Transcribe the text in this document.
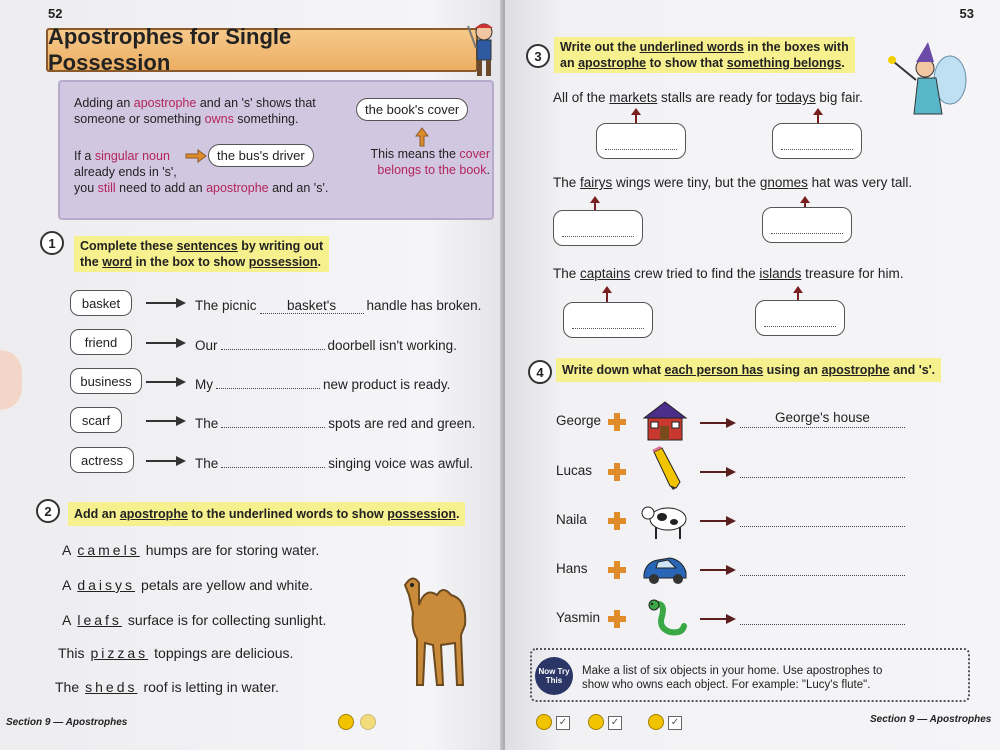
52
Apostrophes for Single Possession
Adding an apostrophe and an 's' shows that
someone or something owns something.
the book's cover
This means the cover
belongs to the book.
If a singular noun
already ends in 's',
you still need to add an apostrophe and an 's'.
the bus's driver
1	Complete these sentences by writing out
the word in the box to show possession.
basket	The picnic basket's handle has broken.
friend	Our	doorbell isn't working.
business	My	new product is ready.
scarf	The	spots are red and green.
actress	The	singing voice was awful.
2	Add an apostrophe to the underlined words to show possession.
A camels humps are for storing water.
A daisys petals are yellow and white.
A leafs surface is for collecting sunlight.
This pizzas toppings are delicious.
The sheds roof is letting in water.
Section 9 — Apostrophes
53
3
Write out the underlined words in the boxes with
an apostrophe to show that something belongs.
All of the markets stalls are ready for todays big fair.
The fairys wings were tiny, but the gnomes hat was very tall.
The captains crew tried to find the islands treasure for him.
4	Write down what each person has using an apostrophe and 's'.
George	George's house
Lucas
Naila
Hans
Yasmin
Now Try This
Make a list of six objects in your home. Use apostrophes to
show who owns each object. For example: "Lucy's flute".
✓	✓	✓	Section 9 — Apostrophes
